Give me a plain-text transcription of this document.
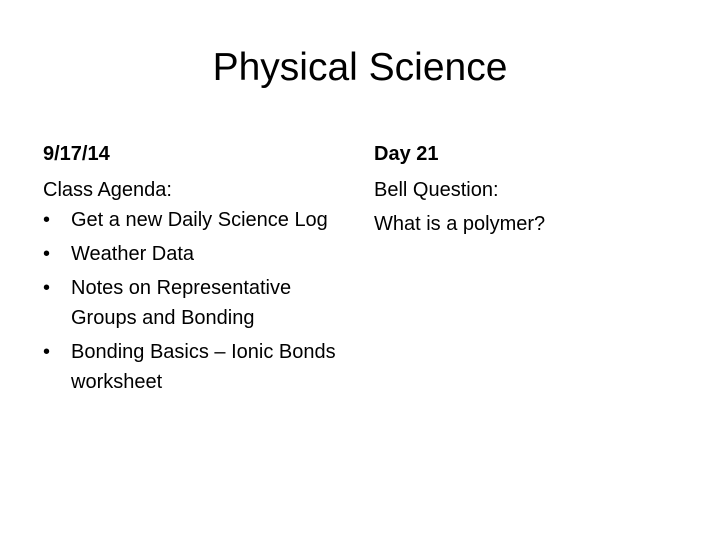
Physical Science
9/17/14
Class Agenda:
•	Get a new Daily Science Log
•	Weather Data
•	Notes on Representative Groups and Bonding
•	Bonding Basics – Ionic Bonds worksheet
Day 21
Bell Question:
What is a polymer?
